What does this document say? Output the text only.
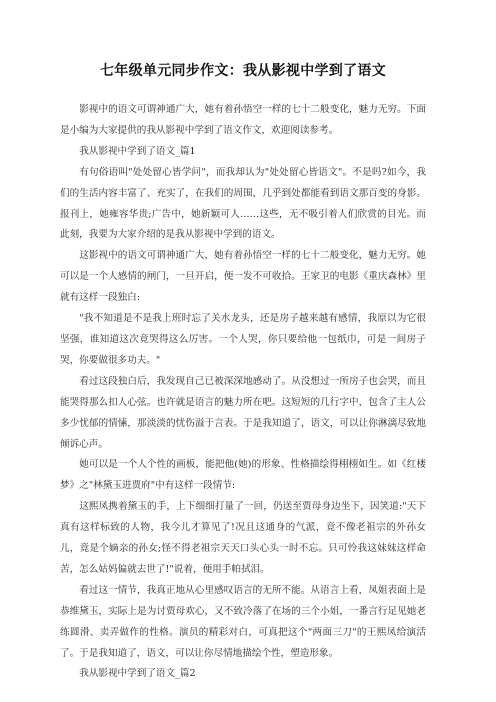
七年级单元同步作文：我从影视中学到了语文

影视中的语文可谓神通广大，她有着孙悟空一样的七十二般变化，魅力无穷。下面是小编为大家提供的我从影视中学到了语文作文，欢迎阅读参考。

我从影视中学到了语文_篇1

有句俗语叫"处处留心皆学问"，而我却认为"处处留心皆语文"。不是吗?如今，我们的生活内容丰富了、充实了，在我们的周围，几乎到处都能看到语文那百变的身影。报刊上，她雍容华贵;广告中，她新颖可人……这些，无不吸引着人们欣赏的目光。而此刻，我要为大家介绍的是我从影视中学到的语文。

这影视中的语文可谓神通广大，她有着孙悟空一样的七十二般变化，魅力无穷。她可以是一个人感情的闸门，一旦开启，便一发不可收拾。王家卫的电影《重庆森林》里就有这样一段独白:

"我不知道是不是我上班时忘了关水龙头，还是房子越来越有感情，我原以为它很坚强，谁知道这次竟哭得这么厉害。一个人哭，你只要给他一包纸巾，可是一间房子哭，你要做很多功夫。"

看过这段独白后，我发现自己已被深深地感动了。从没想过一所房子也会哭，而且能哭得那么扣人心弦。也许就是语言的魅力所在吧。这短短的几行字中，包含了主人公多少忧郁的情愫，那淡淡的忧伤溢于言表。于是我知道了，语文，可以让你淋漓尽致地倾诉心声。

她可以是一个人个性的画板，能把他(她)的形象、性格描绘得栩栩如生。如《红楼梦》之"林黛玉进贾府"中有这样一段情节:

这熙凤携着黛玉的手，上下细细打量了一回，仍送至贾母身边坐下，因笑道:"天下真有这样标致的人物，我今儿才算见了!况且这通身的气派，竟不像老祖宗的外孙女儿，竟是个嫡亲的孙女;怪不得老祖宗天天口头心头一时不忘。只可怜我这妹妹这样命苦，怎么姑妈偏就去世了!"说着，便用手帕拭泪。

看过这一情节，我真正地从心里感叹语言的无所不能。从语言上看，凤姐表面上是恭维黛玉，实际上是为讨贾母欢心，又不致冷落了在场的三个小姐，一番言行足见她老练圆滑、卖弄做作的性格。演员的精彩对白，可真把这个"两面三刀"的王熙凤给演活了。于是我知道了，语文，可以让你尽情地描绘个性，塑造形象。

我从影视中学到了语文_篇2
